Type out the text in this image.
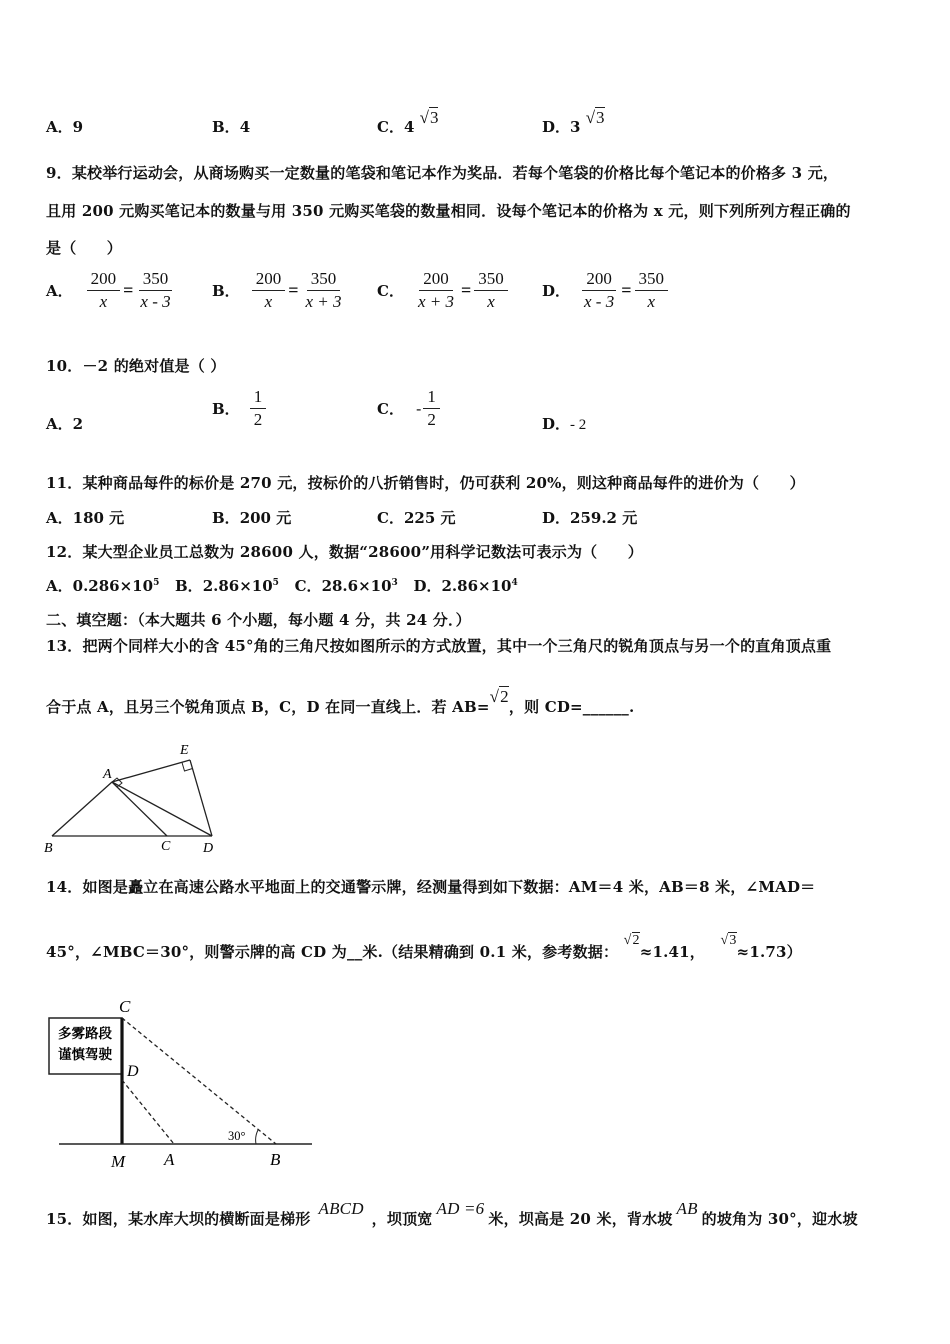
A．9	B．4	C．4 √3	D．3 √3
9．某校举行运动会，从商场购买一定数量的笔袋和笔记本作为奖品．若每个笔袋的价格比每个笔记本的价格多 3 元，
且用 200 元购买笔记本的数量与用 350 元购买笔袋的数量相同．设每个笔记本的价格为 x 元，则下列所列方程正确的
是（　　）
A． $\frac{200}{x} = \frac{350}{x - 3}$ B． $\frac{200}{x} = \frac{350}{x + 3}$ C． $\frac{200}{x + 3} = \frac{350}{x}$ D． $\frac{200}{x - 3} = \frac{350}{x}$
10．－2 的绝对值是（ ）
A．2
B． $\frac{1}{2}$	C． - $\frac{1}{2}$	D．- 2
11．某种商品每件的标价是 270 元，按标价的八折销售时，仍可获利 20%，则这种商品每件的进价为（　　）
A．180 元	B．200 元	C．225 元	D．259.2 元
12．某大型企业员工总数为 28600 人，数据“28600”用科学记数法可表示为（　　）
A．$0.286\times 10^5$ B．$2.86\times 10^5$ C．$28.6\times 10^3$ D．$2.86\times 10^4$
二、填空题：（本大题共 6 个小题，每小题 4 分，共 24 分．）
13．把两个同样大小的含 45°角的三角尺按如图所示的方式放置，其中一个三角尺的锐角顶点与另一个的直角顶点重
合于点 A，且另三个锐角顶点 B，C，D 在同一直线上．若 AB=√2，则 CD=______.
A
B	C D
E
14．如图是矗立在高速公路水平地面上的交通警示牌，经测量得到如下数据：AM＝4 米，AB＝8 米，∠MAD＝
45°，∠MBC＝30°，则警示牌的高 CD 为__米.（结果精确到 0.1 米，参考数据： √2≈1.41， √3≈1.73）
多雾路段
谨慎驾驶
30°
C
D
M A	B
15．如图，某水库大坝的横断面是梯形ABCD，坝顶宽AD =6米，坝高是 20 米，背水坡AB的坡角为 30°，迎水坡
